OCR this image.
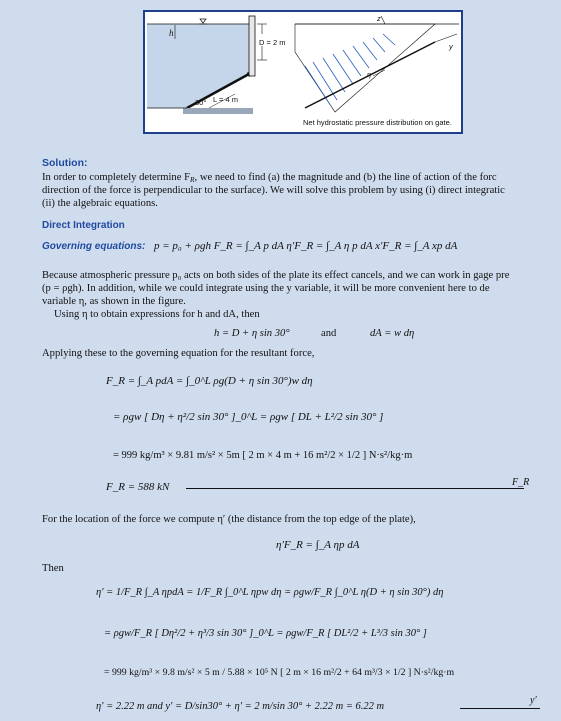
h
D = 2 m
A
30° L = 4 m
z
y
η
Net hydrostatic pressure distribution on gate.
Solution:
In order to completely determine $F_R$, we need to find (a) the magnitude and (b) the line of action of the forc
direction of the force is perpendicular to the surface). We will solve this problem by using (i) direct integratic
(ii) the algebraic equations.
Direct Integration
Governing equations: p = p₀ + ρgh F_R = ∫_A p dA η′F_R = ∫_A η p dA x′F_R = ∫_A xp dA
Because atmospheric pressure p₀ acts on both sides of the plate its effect cancels, and we can work in gage pre
(p = ρgh). In addition, while we could integrate using the y variable, it will be more convenient here to de
variable η, as shown in the figure.
Using η to obtain expressions for h and dA, then
h = D + η sin 30°	and	dA = w dη
Applying these to the governing equation for the resultant force,
F_R = ∫_A pdA = ∫_0^L ρg(D + η sin 30°)w dη
= ρgw [ Dη + η²/2 sin 30° ]_0^L = ρgw [ DL + L²/2 sin 30° ]
= 999 kg/m³ × 9.81 m/s² × 5m [ 2 m × 4 m + 16 m²/2 × 1/2 ] N·s²/kg·m
F_R = 588 kN	F_R
For the location of the force we compute η′ (the distance from the top edge of the plate),
η′F_R = ∫_A ηp dA
Then
η′ = 1/F_R ∫_A ηpdA = 1/F_R ∫_0^L ηpw dη = ρgw/F_R ∫_0^L η(D + η sin 30°) dη
= ρgw/F_R [ Dη²/2 + η³/3 sin 30° ]_0^L = ρgw/F_R [ DL²/2 + L³/3 sin 30° ]
= 999 kg/m³ × 9.8 m/s² × 5 m / 5.88 × 10⁵ N [ 2 m × 16 m²/2 + 64 m³/3 × 1/2 ] N·s²/kg·m
η′ = 2.22 m and y′ = D/sin30° + η′ = 2 m/sin 30° + 2.22 m = 6.22 m
y′
